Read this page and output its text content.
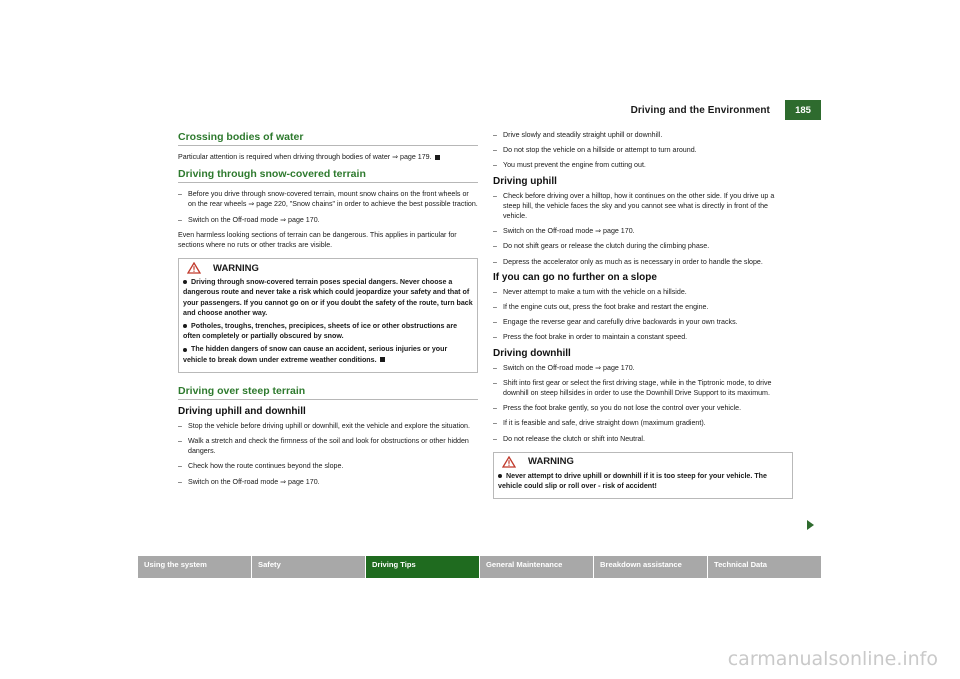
Driving and the Environment	185
Crossing bodies of water

Particular attention is required when driving through bodies of water ⇒ page 179.

Driving through snow-covered terrain
– Before you drive through snow-covered terrain, mount snow chains on the front wheels or on the rear wheels ⇒ page 220, "Snow chains" in order to achieve the best possible traction.
– Switch on the Off-road mode ⇒ page 170.

Even harmless looking sections of terrain can be dangerous. This applies in particular for sections where no ruts or other tracks are visible.

WARNING
Driving through snow-covered terrain poses special dangers. Never choose a dangerous route and never take a risk which could jeopardize your safety and that of your passengers. If you cannot go on or if you doubt the safety of the route, turn back and choose another way.
Potholes, troughs, trenches, precipices, sheets of ice or other obstructions are often completely or partially obscured by snow.
The hidden dangers of snow can cause an accident, serious injuries or your vehicle to break down under extreme weather conditions.
Driving over steep terrain
Driving uphill and downhill
– Stop the vehicle before driving uphill or downhill, exit the vehicle and explore the situation.
– Walk a stretch and check the firmness of the soil and look for obstructions or other hidden dangers.
– Check how the route continues beyond the slope.
– Switch on the Off-road mode ⇒ page 170.
– Drive slowly and steadily straight uphill or downhill.
– Do not stop the vehicle on a hillside or attempt to turn around.
– You must prevent the engine from cutting out.
Driving uphill
– Check before driving over a hilltop, how it continues on the other side. If you drive up a steep hill, the vehicle faces the sky and you cannot see what is directly in front of the vehicle.
– Switch on the Off-road mode ⇒ page 170.
– Do not shift gears or release the clutch during the climbing phase.
– Depress the accelerator only as much as is necessary in order to handle the slope.
If you can go no further on a slope
– Never attempt to make a turn with the vehicle on a hillside.
– If the engine cuts out, press the foot brake and restart the engine.
– Engage the reverse gear and carefully drive backwards in your own tracks.
– Press the foot brake in order to maintain a constant speed.
Driving downhill
– Switch on the Off-road mode ⇒ page 170.
– Shift into first gear or select the first driving stage, while in the Tiptronic mode, to drive downhill on steep hillsides in order to use the Downhill Drive Support to its maximum.
– Press the foot brake gently, so you do not lose the control over your vehicle.
– If it is feasible and safe, drive straight down (maximum gradient).
– Do not release the clutch or shift into Neutral.
WARNING
Never attempt to drive uphill or downhill if it is too steep for your vehicle. The vehicle could slip or roll over - risk of accident!
Using the system	Safety	Driving Tips	General Maintenance	Breakdown assistance	Technical Data
carmanualsonline.info
